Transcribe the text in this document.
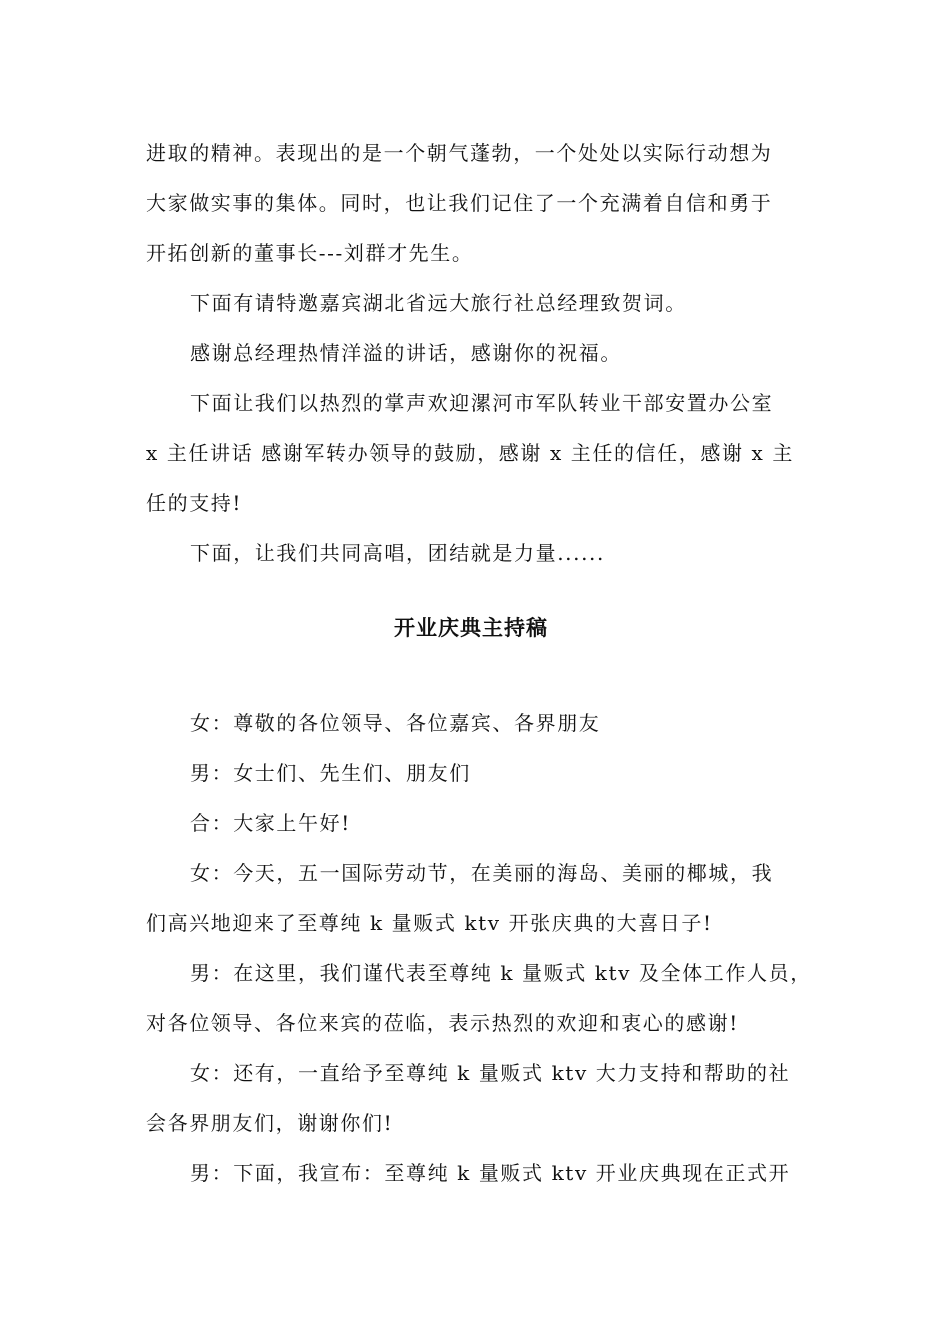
进取的精神。表现出的是一个朝气蓬勃，一个处处以实际行动想为
大家做实事的集体。同时，也让我们记住了一个充满着自信和勇于
开拓创新的董事长---刘群才先生。
下面有请特邀嘉宾湖北省远大旅行社总经理致贺词。
感谢总经理热情洋溢的讲话，感谢你的祝福。
下面让我们以热烈的掌声欢迎漯河市军队转业干部安置办公室
x 主任讲话 感谢军转办领导的鼓励，感谢 x 主任的信任，感谢 x 主
任的支持!
下面，让我们共同高唱，团结就是力量......
开业庆典主持稿
女：尊敬的各位领导、各位嘉宾、各界朋友
男：女士们、先生们、朋友们
合：大家上午好!
女：今天，五一国际劳动节，在美丽的海岛、美丽的椰城，我
们高兴地迎来了至尊纯 k 量贩式 ktv 开张庆典的大喜日子!
男：在这里，我们谨代表至尊纯 k 量贩式 ktv 及全体工作人员，
对各位领导、各位来宾的莅临，表示热烈的欢迎和衷心的感谢!
女：还有，一直给予至尊纯 k 量贩式 ktv 大力支持和帮助的社
会各界朋友们，谢谢你们!
男：下面，我宣布：至尊纯 k 量贩式 ktv 开业庆典现在正式开
